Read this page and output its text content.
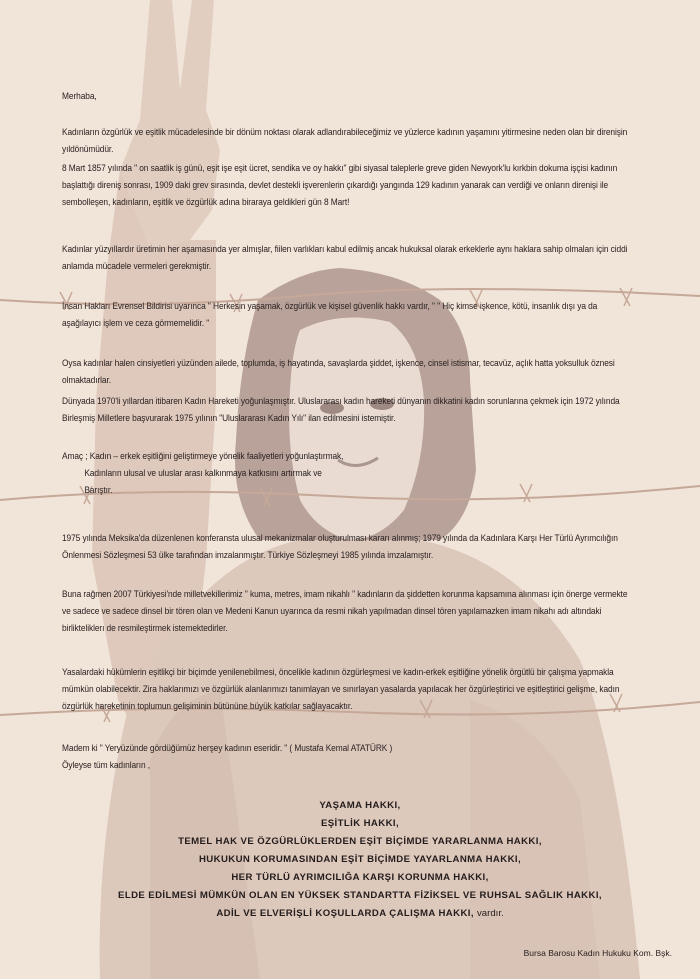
Merhaba,
Kadınların özgürlük ve eşitlik mücadelesinde bir dönüm noktası olarak adlandırabileceğimiz ve yüzlerce kadının yaşamını yitirmesine neden olan bir direnişin yıldönümüdür.
8 Mart 1857 yılında " on saatlik iş günü, eşit işe eşit ücret, sendika ve oy hakkı" gibi siyasal taleplerle greve giden Newyork'lu kırkbin dokuma işçisi kadının başlattığı direniş sonrası, 1909 daki grev sırasında, devlet destekli işverenlerin çıkardığı yangında 129 kadının yanarak can verdiği ve onların direnişi ile sembolleşen, kadınların, eşitlik ve özgürlük adına biraraya geldikleri gün 8 Mart!
Kadınlar yüzyıllardır üretimin her aşamasında yer almışlar, fiilen varlıkları kabul edilmiş ancak hukuksal olarak erkeklerle aynı haklara sahip olmaları için ciddi anlamda mücadele vermeleri gerekmiştir.
İnsan Hakları Evrensel Bildirisi uyarınca " Herkesin yaşamak, özgürlük ve kişisel güvenlik hakkı vardır, " " Hiç kimse işkence, kötü, insanlık dışı ya da aşağılayıcı işlem ve ceza görmemelidir. "
Oysa kadınlar halen cinsiyetleri yüzünden ailede, toplumda, iş hayatında, savaşlarda şiddet, işkence, cinsel istismar, tecavüz, açlık hatta yoksulluk öznesi olmaktadırlar.
Dünyada 1970'li yıllardan itibaren Kadın Hareketi yoğunlaşmıştır. Uluslararası kadın hareketi dünyanın dikkatini kadın sorunlarına çekmek için 1972 yılında Birleşmiş Milletlere başvurarak 1975 yılının "Uluslararası Kadın Yılı" ilan edilmesini istemiştir.
Amaç ; Kadın – erkek eşitliğini geliştirmeye yönelik faaliyetleri yoğunlaştırmak,
Kadınların ulusal ve uluslar arası kalkınmaya katkısını artırmak ve
Barıştır.
1975 yılında Meksika'da düzenlenen konferansta ulusal mekanizmalar oluşturulması kararı alınmış; 1979 yılında da Kadınlara Karşı Her Türlü Ayrımcılığın Önlenmesi Sözleşmesi 53 ülke tarafından imzalanmıştır. Türkiye Sözleşmeyi 1985 yılında imzalamıştır.
Buna rağmen 2007 Türkiyesi'nde milletvekillerimiz " kuma, metres, imam nikahlı " kadınların da şiddetten korunma kapsamına alınması için önerge vermekte ve sadece ve sadece dinsel bir tören olan ve Medeni Kanun uyarınca da resmi nikah yapılmadan dinsel tören yapılamazken imam nikahı adı altındaki birlikteliklerı de resmileştirmek istemektedirler.
Yasalardaki hükümlerin eşitlikçi bir biçimde yenilenebilmesi, öncelikle kadının özgürleşmesi ve kadın-erkek eşitliğine yönelik örgütlü bir çalışma yapmakla mümkün olabilecektir. Zira haklarımızı ve özgürlük alanlarımızı tanımlayan ve sınırlayan yasalarda yapılacak her özgürleştirici ve eşitleştirici gelişme, kadın özgürlük hareketinin toplumun gelişiminin bütününe büyük katkılar sağlayacaktır.
Madem ki " Yeryüzünde gördüğümüz herşey kadının eseridir. " ( Mustafa Kemal ATATÜRK )
Öyleyse tüm kadınların ,
YAŞAMA HAKKI,
EŞİTLİK HAKKI,
TEMEL HAK VE ÖZGÜRLÜKLERDEN EŞİT BİÇİMDE YARARLANMA HAKKI,
HUKUKUN KORUMASINDAN EŞİT BİÇİMDE YAYARLANMA HAKKI,
HER TÜRLÜ AYRIMCILIĞA KARŞI KORUNMA HAKKI,
ELDE EDİLMESİ MÜMKÜN OLAN EN YÜKSEK STANDARTTA FİZİKSEL VE RUHSAL SAĞLIK HAKKI,
ADİL VE ELVERİŞLİ KOŞULLARDA ÇALIŞMA HAKKI, vardır.
Bursa Barosu Kadın Hukuku Kom. Bşk.
